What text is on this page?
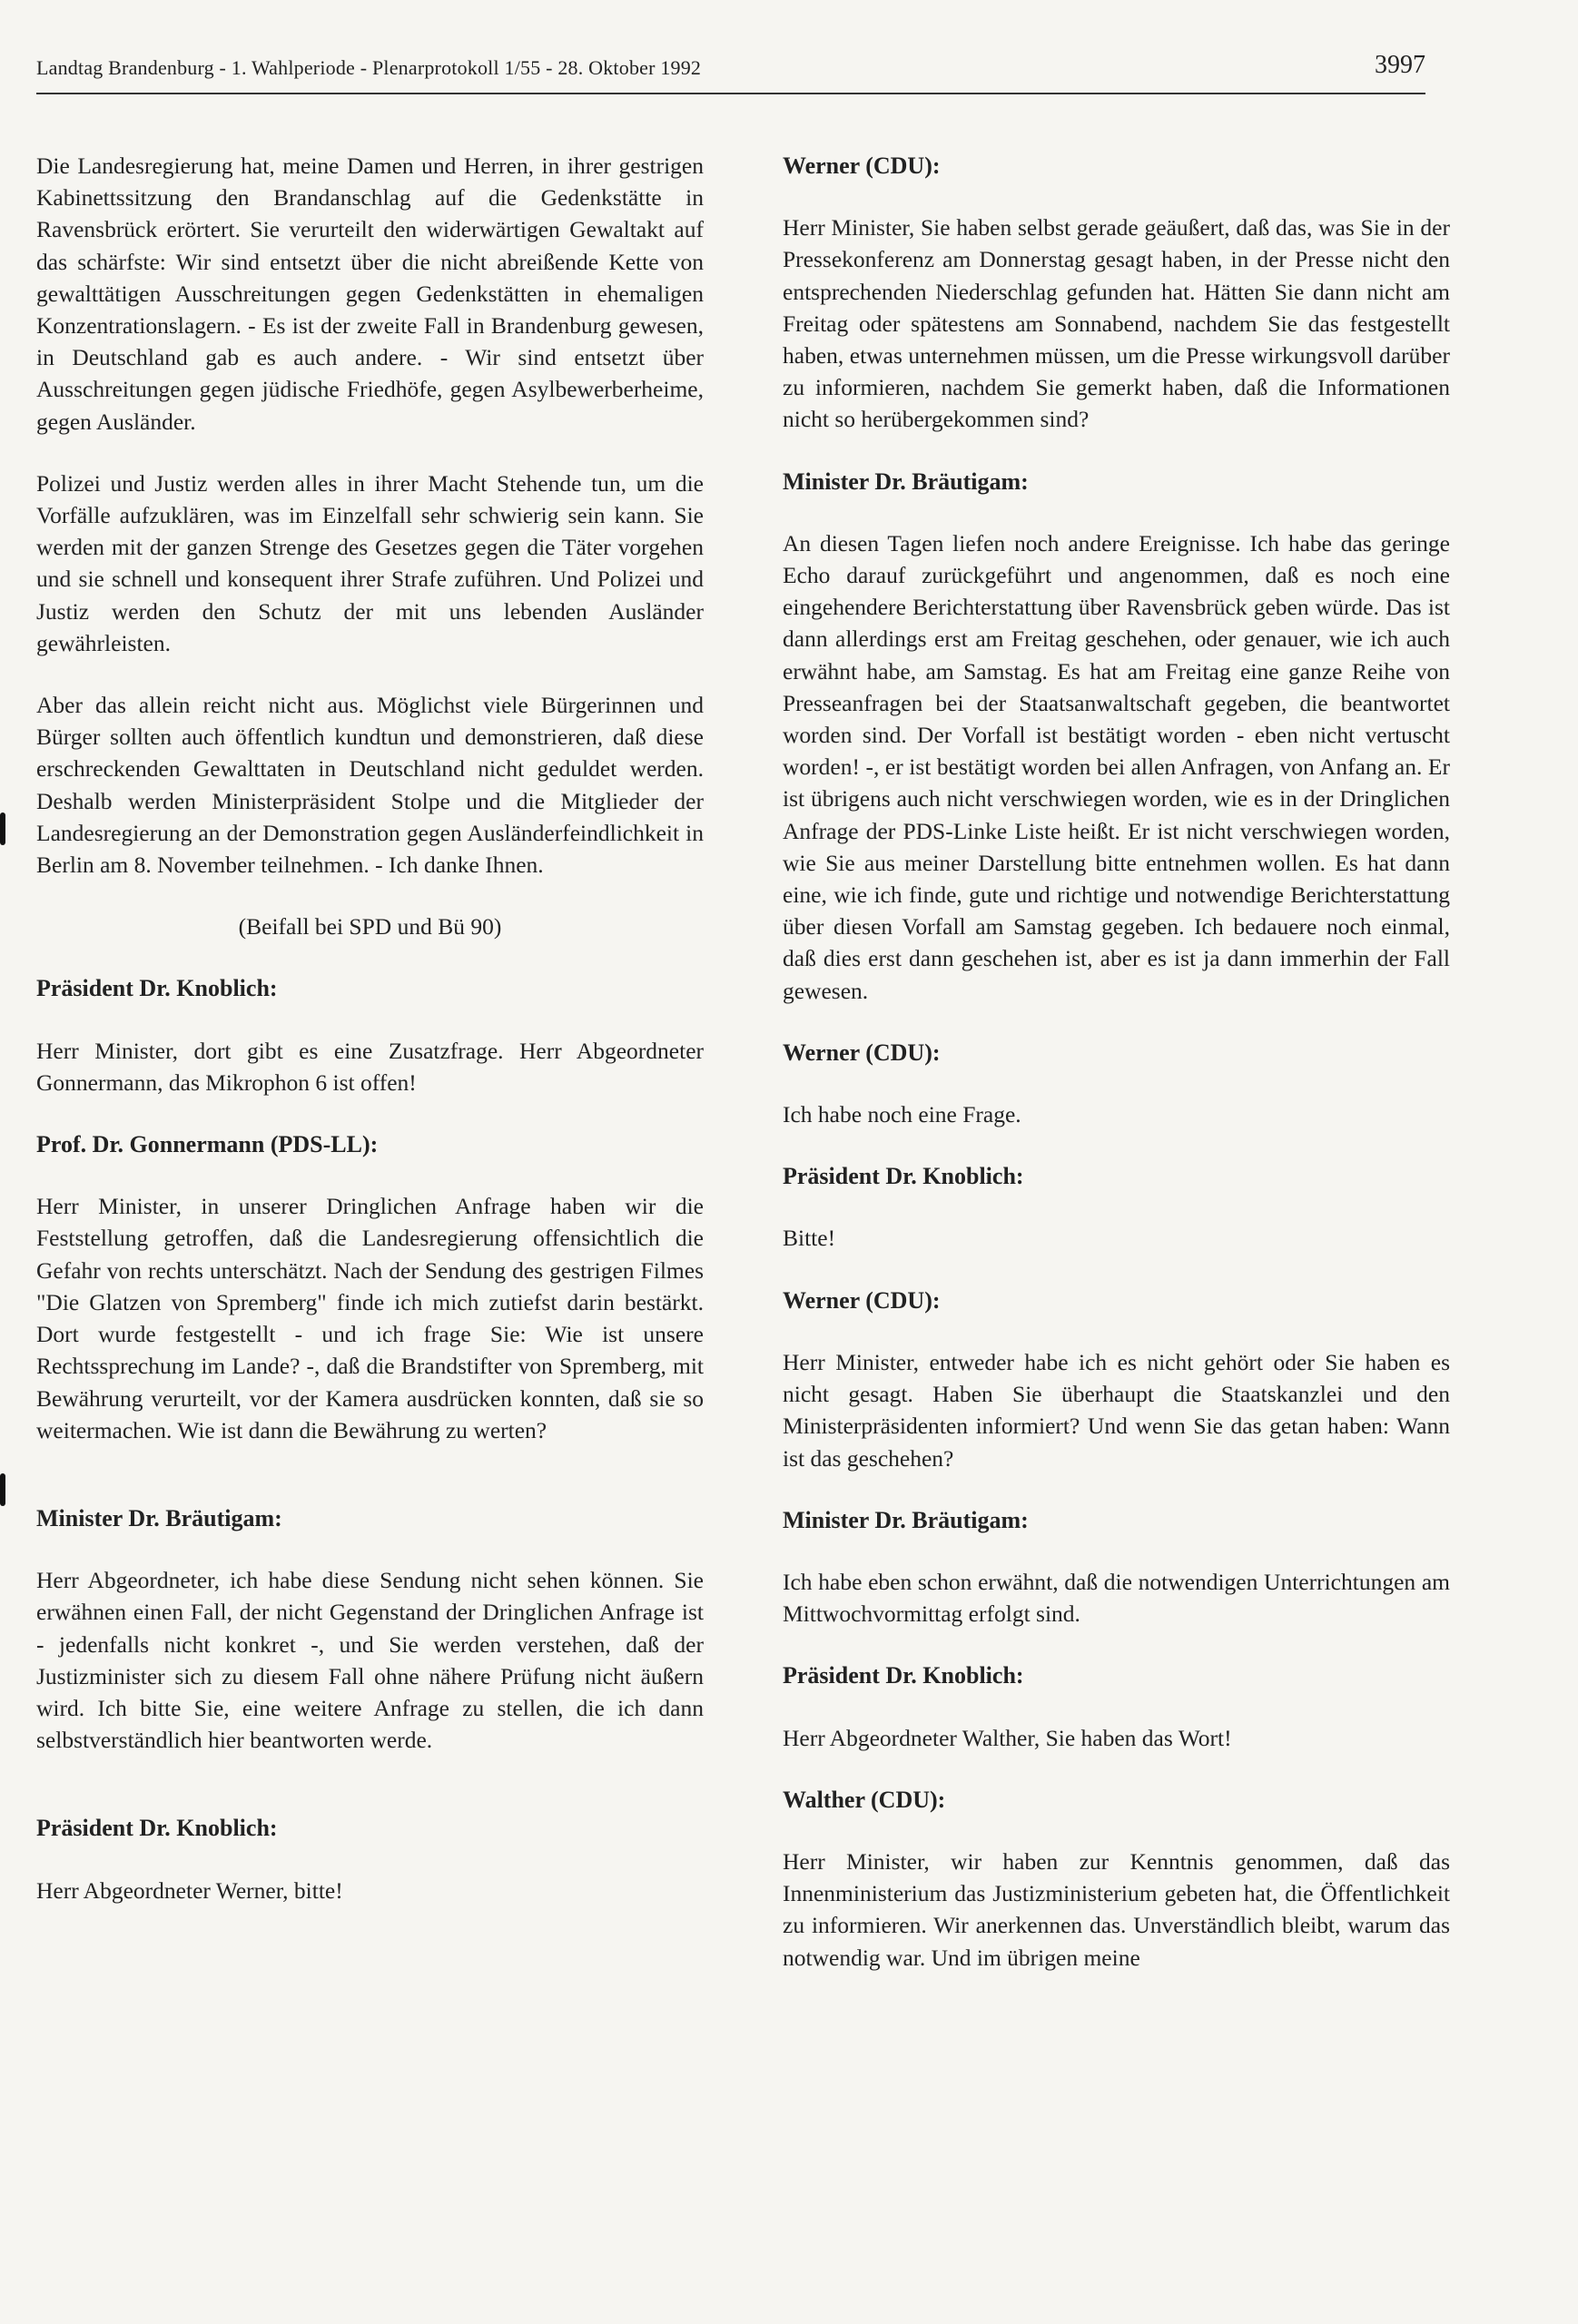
Landtag Brandenburg - 1. Wahlperiode - Plenarprotokoll 1/55 - 28. Oktober 1992	3997

Die Landesregierung hat, meine Damen und Herren, in ihrer gestrigen Kabinettssitzung den Brandanschlag auf die Gedenkstätte in Ravensbrück erörtert. Sie verurteilt den widerwärtigen Gewaltakt auf das schärfste: Wir sind entsetzt über die nicht abreißende Kette von gewalttätigen Ausschreitungen gegen Gedenkstätten in ehemaligen Konzentrationslagern. - Es ist der zweite Fall in Brandenburg gewesen, in Deutschland gab es auch andere. - Wir sind entsetzt über Ausschreitungen gegen jüdische Friedhöfe, gegen Asylbewerberheime, gegen Ausländer.

Polizei und Justiz werden alles in ihrer Macht Stehende tun, um die Vorfälle aufzuklären, was im Einzelfall sehr schwierig sein kann. Sie werden mit der ganzen Strenge des Gesetzes gegen die Täter vorgehen und sie schnell und konsequent ihrer Strafe zuführen. Und Polizei und Justiz werden den Schutz der mit uns lebenden Ausländer gewährleisten.

Aber das allein reicht nicht aus. Möglichst viele Bürgerinnen und Bürger sollten auch öffentlich kundtun und demonstrieren, daß diese erschreckenden Gewalttaten in Deutschland nicht geduldet werden. Deshalb werden Ministerpräsident Stolpe und die Mitglieder der Landesregierung an der Demonstration gegen Ausländerfeindlichkeit in Berlin am 8. November teilnehmen. - Ich danke Ihnen.

(Beifall bei SPD und Bü 90)

Präsident Dr. Knoblich:

Herr Minister, dort gibt es eine Zusatzfrage. Herr Abgeordneter Gonnermann, das Mikrophon 6 ist offen!

Prof. Dr. Gonnermann (PDS-LL):

Herr Minister, in unserer Dringlichen Anfrage haben wir die Feststellung getroffen, daß die Landesregierung offensichtlich die Gefahr von rechts unterschätzt. Nach der Sendung des gestrigen Filmes "Die Glatzen von Spremberg" finde ich mich zutiefst darin bestärkt. Dort wurde festgestellt - und ich frage Sie: Wie ist unsere Rechtssprechung im Lande? -, daß die Brandstifter von Spremberg, mit Bewährung verurteilt, vor der Kamera ausdrücken konnten, daß sie so weitermachen. Wie ist dann die Bewährung zu werten?

Minister Dr. Bräutigam:

Herr Abgeordneter, ich habe diese Sendung nicht sehen können. Sie erwähnen einen Fall, der nicht Gegenstand der Dringlichen Anfrage ist - jedenfalls nicht konkret -, und Sie werden verstehen, daß der Justizminister sich zu diesem Fall ohne nähere Prüfung nicht äußern wird. Ich bitte Sie, eine weitere Anfrage zu stellen, die ich dann selbstverständlich hier beantworten werde.

Präsident Dr. Knoblich:

Herr Abgeordneter Werner, bitte!

Werner (CDU):

Herr Minister, Sie haben selbst gerade geäußert, daß das, was Sie in der Pressekonferenz am Donnerstag gesagt haben, in der Presse nicht den entsprechenden Niederschlag gefunden hat. Hätten Sie dann nicht am Freitag oder spätestens am Sonnabend, nachdem Sie das festgestellt haben, etwas unternehmen müssen, um die Presse wirkungsvoll darüber zu informieren, nachdem Sie gemerkt haben, daß die Informationen nicht so herübergekommen sind?

Minister Dr. Bräutigam:

An diesen Tagen liefen noch andere Ereignisse. Ich habe das geringe Echo darauf zurückgeführt und angenommen, daß es noch eine eingehendere Berichterstattung über Ravensbrück geben würde. Das ist dann allerdings erst am Freitag geschehen, oder genauer, wie ich auch erwähnt habe, am Samstag. Es hat am Freitag eine ganze Reihe von Presseanfragen bei der Staatsanwaltschaft gegeben, die beantwortet worden sind. Der Vorfall ist bestätigt worden - eben nicht vertuscht worden! -, er ist bestätigt worden bei allen Anfragen, von Anfang an. Er ist übrigens auch nicht verschwiegen worden, wie es in der Dringlichen Anfrage der PDS-Linke Liste heißt. Er ist nicht verschwiegen worden, wie Sie aus meiner Darstellung bitte entnehmen wollen. Es hat dann eine, wie ich finde, gute und richtige und notwendige Berichterstattung über diesen Vorfall am Samstag gegeben. Ich bedauere noch einmal, daß dies erst dann geschehen ist, aber es ist ja dann immerhin der Fall gewesen.

Werner (CDU):

Ich habe noch eine Frage.

Präsident Dr. Knoblich:

Bitte!

Werner (CDU):

Herr Minister, entweder habe ich es nicht gehört oder Sie haben es nicht gesagt. Haben Sie überhaupt die Staatskanzlei und den Ministerpräsidenten informiert? Und wenn Sie das getan haben: Wann ist das geschehen?

Minister Dr. Bräutigam:

Ich habe eben schon erwähnt, daß die notwendigen Unterrichtungen am Mittwochvormittag erfolgt sind.

Präsident Dr. Knoblich:

Herr Abgeordneter Walther, Sie haben das Wort!

Walther (CDU):

Herr Minister, wir haben zur Kenntnis genommen, daß das Innenministerium das Justizministerium gebeten hat, die Öffentlichkeit zu informieren. Wir anerkennen das. Unverständlich bleibt, warum das notwendig war. Und im übrigen meine
